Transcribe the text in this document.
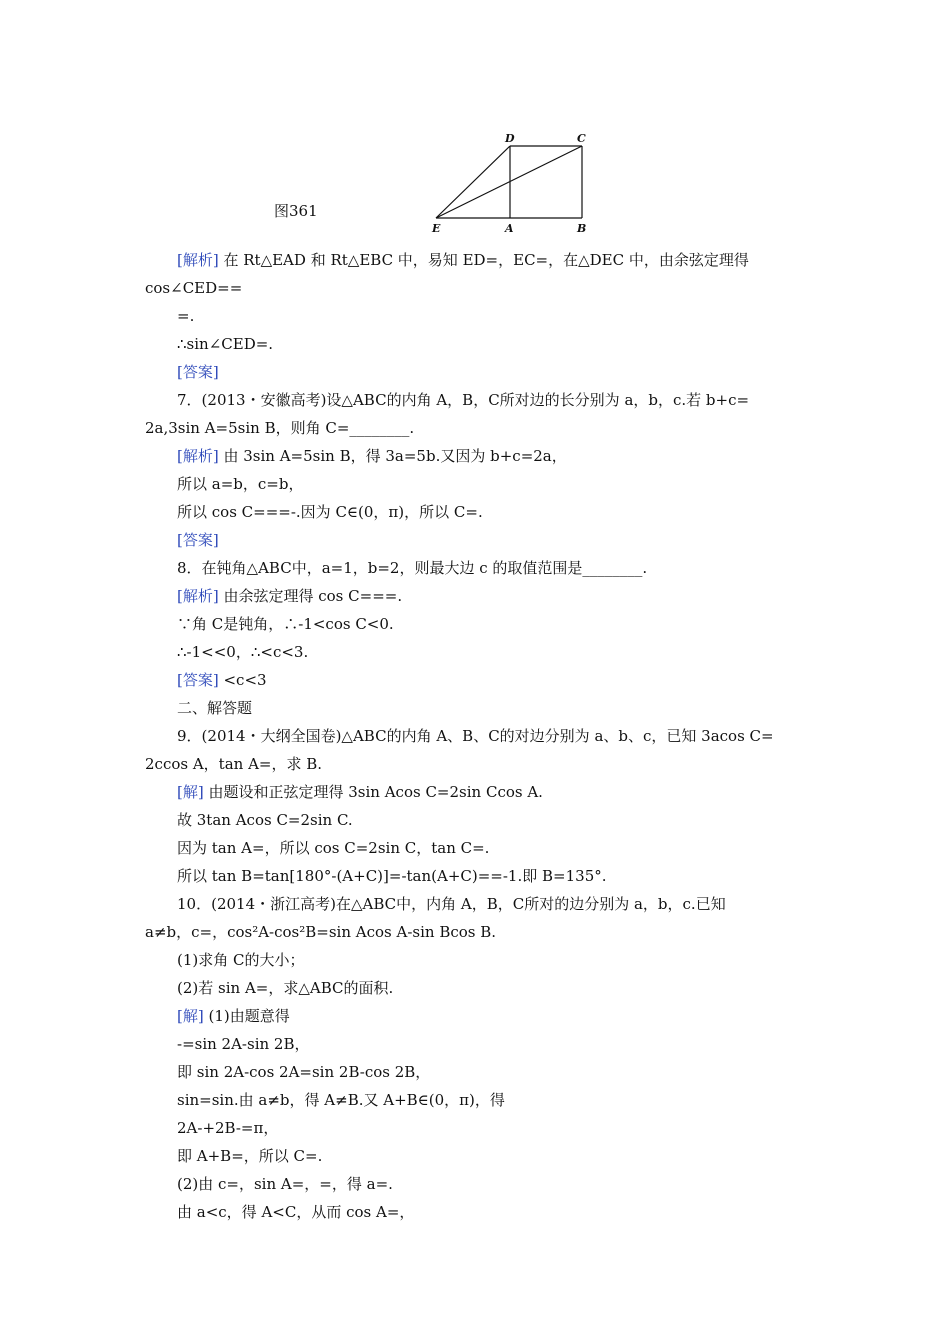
D	C
E	A	B
图361
[解析] 在 Rt△EAD 和 Rt△EBC 中，易知 ED=，EC=，在△DEC 中，由余弦定理得
cos∠CED==
=.
∴sin∠CED=.
[答案]
7．(2013・安徽高考)设△ABC的内角 A，B，C所对边的长分别为 a，b，c.若 b+c=
2a,3sin A=5sin B，则角 C=________.
[解析] 由 3sin A=5sin B，得 3a=5b.又因为 b+c=2a，
所以 a=b，c=b，
所以 cos C===-.因为 C∈(0，π)，所以 C=.
[答案]
8．在钝角△ABC中，a=1，b=2，则最大边 c 的取值范围是________.
[解析] 由余弦定理得 cos C===.
∵角 C是钝角，∴-1<cos C<0.
∴-1<<0，∴<c<3.
[答案] <c<3
二、解答题
9．(2014・大纲全国卷)△ABC的内角 A、B、C的对边分别为 a、b、c，已知 3acos C=
2ccos A，tan A=，求 B.
[解] 由题设和正弦定理得 3sin Acos C=2sin Ccos A.
故 3tan Acos C=2sin C.
因为 tan A=，所以 cos C=2sin C，tan C=.
所以 tan B=tan[180°-(A+C)]=-tan(A+C)==-1.即 B=135°.
10．(2014・浙江高考)在△ABC中，内角 A，B，C所对的边分别为 a，b，c.已知
a≠b，c=，cos²A-cos²B=sin Acos A-sin Bcos B.
(1)求角 C的大小；
(2)若 sin A=，求△ABC的面积.
[解] (1)由题意得
-=sin 2A-sin 2B，
即 sin 2A-cos 2A=sin 2B-cos 2B，
sin=sin.由 a≠b，得 A≠B.又 A+B∈(0，π)，得
2A-+2B-=π，
即 A+B=，所以 C=.
(2)由 c=，sin A=，=，得 a=.
由 a<c，得 A<C，从而 cos A=，
